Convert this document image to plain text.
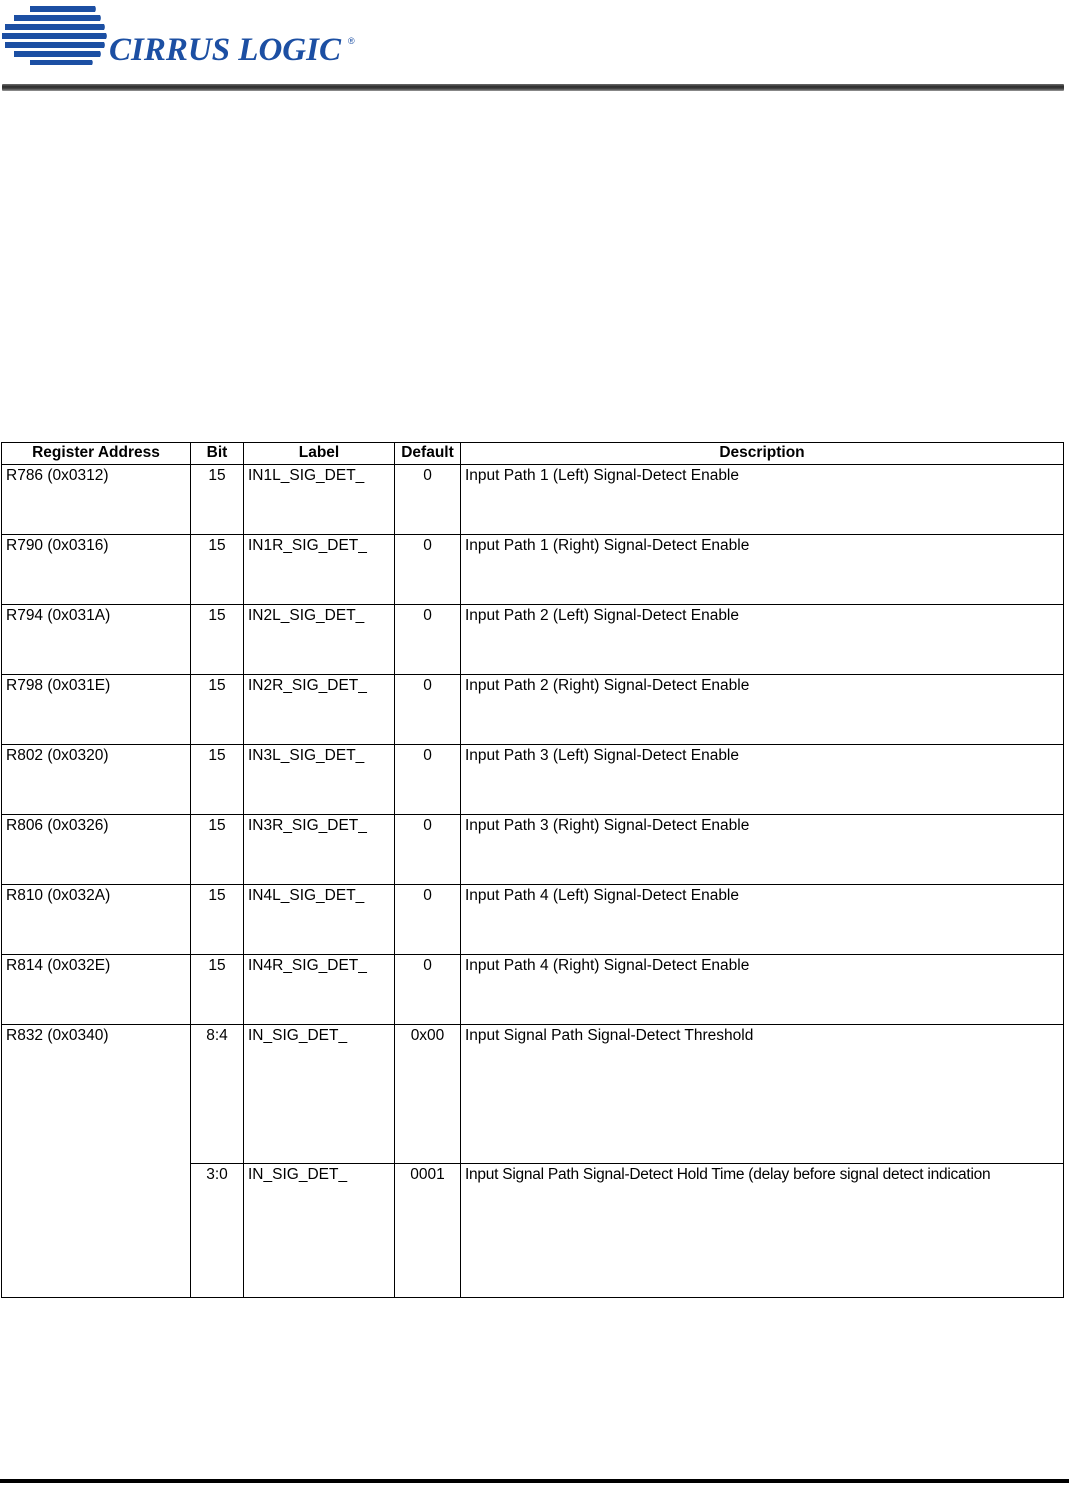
CIRRUS LOGIC ®
Register Address	Bit	Label	Default	Description
R786 (0x0312)	15	IN1L_SIG_DET_	0	Input Path 1 (Left) Signal-Detect Enable
R790 (0x0316)	15	IN1R_SIG_DET_	0	Input Path 1 (Right) Signal-Detect Enable
R794 (0x031A)	15	IN2L_SIG_DET_	0	Input Path 2 (Left) Signal-Detect Enable
R798 (0x031E)	15	IN2R_SIG_DET_	0	Input Path 2 (Right) Signal-Detect Enable
R802 (0x0320)	15	IN3L_SIG_DET_	0	Input Path 3 (Left) Signal-Detect Enable
R806 (0x0326)	15	IN3R_SIG_DET_	0	Input Path 3 (Right) Signal-Detect Enable
R810 (0x032A)	15	IN4L_SIG_DET_	0	Input Path 4 (Left) Signal-Detect Enable
R814 (0x032E)	15	IN4R_SIG_DET_	0	Input Path 4 (Right) Signal-Detect Enable
R832 (0x0340)	8:4	IN_SIG_DET_	0x00	Input Signal Path Signal-Detect Threshold
	3:0	IN_SIG_DET_	0001	Input Signal Path Signal-Detect Hold Time (delay before signal detect indication
